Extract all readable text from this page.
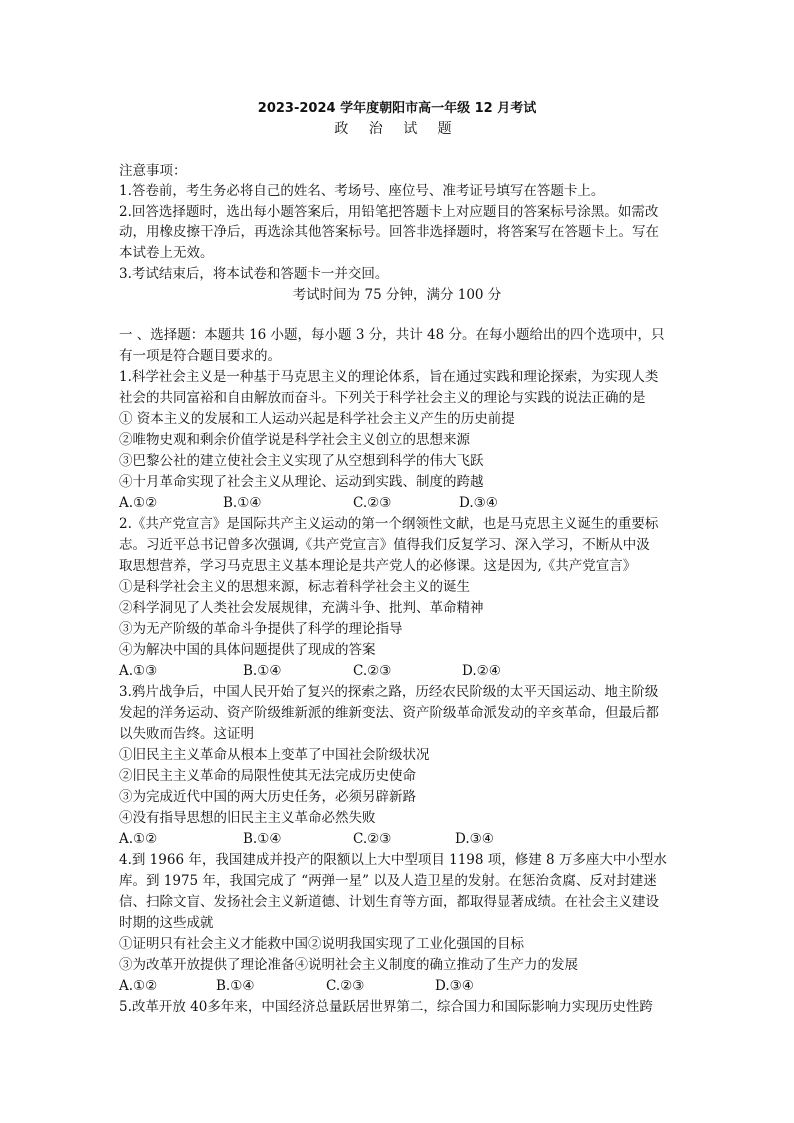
2023-2024 学年度朝阳市高一年级 12 月考试

政 治 试 题

注意事项：

1.答卷前，考生务必将自己的姓名、考场号、座位号、准考证号填写在答题卡上。

2.回答选择题时，选出每小题答案后，用铅笔把答题卡上对应题目的答案标号涂黑。如需改

动，用橡皮擦干净后，再选涂其他答案标号。回答非选择题时，将答案写在答题卡上。写在

本试卷上无效。

3.考试结束后，将本试卷和答题卡一并交回。

考试时间为 75 分钟，满分 100 分

一 、选择题：本题共 16 小题，每小题 3 分，共计 48 分。在每小题给出的四个选项中，只

有一项是符合题目要求的。

1.科学社会主义是一种基于马克思主义的理论体系，旨在通过实践和理论探索，为实现人类

社会的共同富裕和自由解放而奋斗。下列关于科学社会主义的理论与实践的说法正确的是

① 资本主义的发展和工人运动兴起是科学社会主义产生的历史前提

②唯物史观和剩余价值学说是科学社会主义创立的思想来源

③巴黎公社的建立使社会主义实现了从空想到科学的伟大飞跃

④十月革命实现了社会主义从理论、运动到实践、制度的跨越

A.①②	B.①④	C.②③	D.③④

2.《共产党宣言》是国际共产主义运动的第一个纲领性文献，也是马克思主义诞生的重要标

志。习近平总书记曾多次强调,《共产党宣言》值得我们反复学习、深入学习，不断从中汲

取思想营养，学习马克思主义基本理论是共产党人的必修课。这是因为,《共产党宣言》

①是科学社会主义的思想来源，标志着科学社会主义的诞生

②科学洞见了人类社会发展规律，充满斗争、批判、革命精神

③为无产阶级的革命斗争提供了科学的理论指导

④为解决中国的具体问题提供了现成的答案

A.①③	B.①④	C.②③	D.②④

3.鸦片战争后，中国人民开始了复兴的探索之路，历经农民阶级的太平天国运动、地主阶级

发起的洋务运动、资产阶级维新派的维新变法、资产阶级革命派发动的辛亥革命，但最后都

以失败而告终。这证明

①旧民主主义革命从根本上变革了中国社会阶级状况

②旧民主主义革命的局限性使其无法完成历史使命

③为完成近代中国的两大历史任务，必须另辟新路

④没有指导思想的旧民主主义革命必然失败

A.①②	B.①④	C.②③	D.③④

4.到 1966 年，我国建成并投产的限额以上大中型项目 1198 项，修建 8 万多座大中小型水

库。到 1975 年，我国完成了 “两弹一星” 以及人造卫星的发射。在惩治贪腐、反对封建迷

信、扫除文盲、发扬社会主义新道德、计划生育等方面，都取得显著成绩。在社会主义建设

时期的这些成就

①证明只有社会主义才能救中国②说明我国实现了工业化强国的目标

③为改革开放提供了理论准备④说明社会主义制度的确立推动了生产力的发展

A.①②	B.①④	C.②③	D.③④

5.改革开放 40多年来，中国经济总量跃居世界第二，综合国力和国际影响力实现历史性跨
